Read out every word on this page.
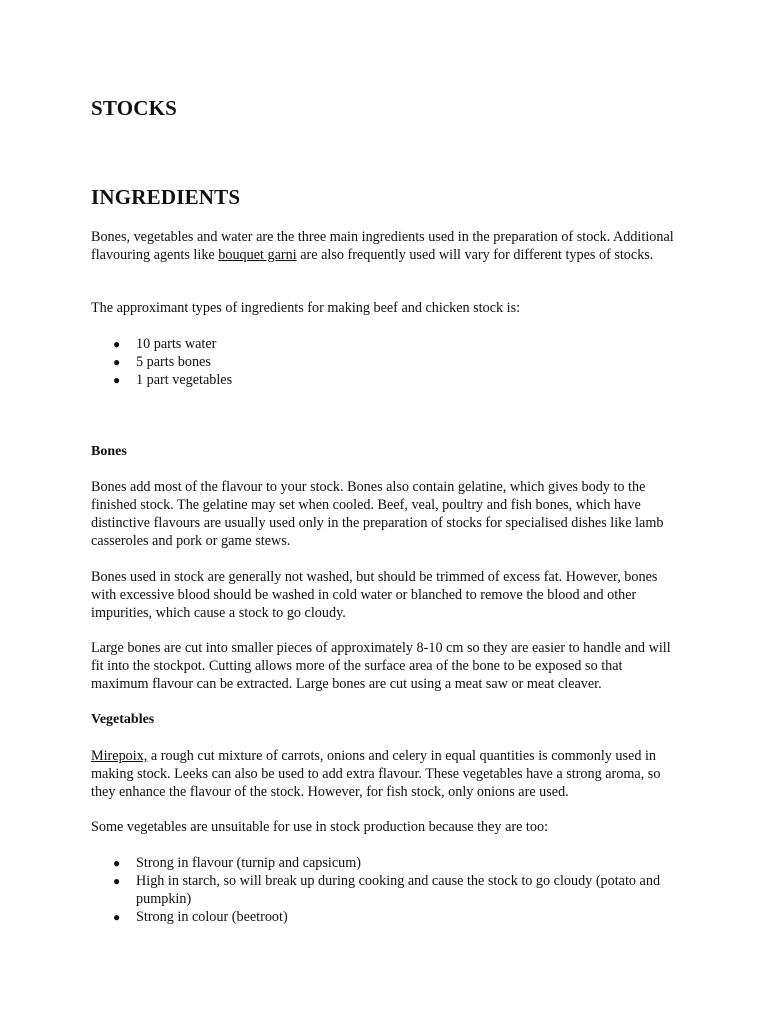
STOCKS
INGREDIENTS

Bones, vegetables and water are the three main ingredients used in the preparation of stock. Additional flavouring agents like bouquet garni are also frequently used will vary for different types of stocks.

The approximant types of ingredients for making beef and chicken stock is:

● 10 parts water
● 5 parts bones
● 1 part vegetables
Bones

Bones add most of the flavour to your stock. Bones also contain gelatine, which gives body to the finished stock. The gelatine may set when cooled. Beef, veal, poultry and fish bones, which have distinctive flavours are usually used only in the preparation of stocks for specialised dishes like lamb casseroles and pork or game stews.

Bones used in stock are generally not washed, but should be trimmed of excess fat. However, bones with excessive blood should be washed in cold water or blanched to remove the blood and other impurities, which cause a stock to go cloudy.

Large bones are cut into smaller pieces of approximately 8-10 cm so they are easier to handle and will fit into the stockpot. Cutting allows more of the surface area of the bone to be exposed so that maximum flavour can be extracted. Large bones are cut using a meat saw or meat cleaver.

Vegetables

Mirepoix, a rough cut mixture of carrots, onions and celery in equal quantities is commonly used in making stock. Leeks can also be used to add extra flavour. These vegetables have a strong aroma, so they enhance the flavour of the stock. However, for fish stock, only onions are used.

Some vegetables are unsuitable for use in stock production because they are too:

● Strong in flavour (turnip and capsicum)
● High in starch, so will break up during cooking and cause the stock to go cloudy (potato and pumpkin)
● Strong in colour (beetroot)
